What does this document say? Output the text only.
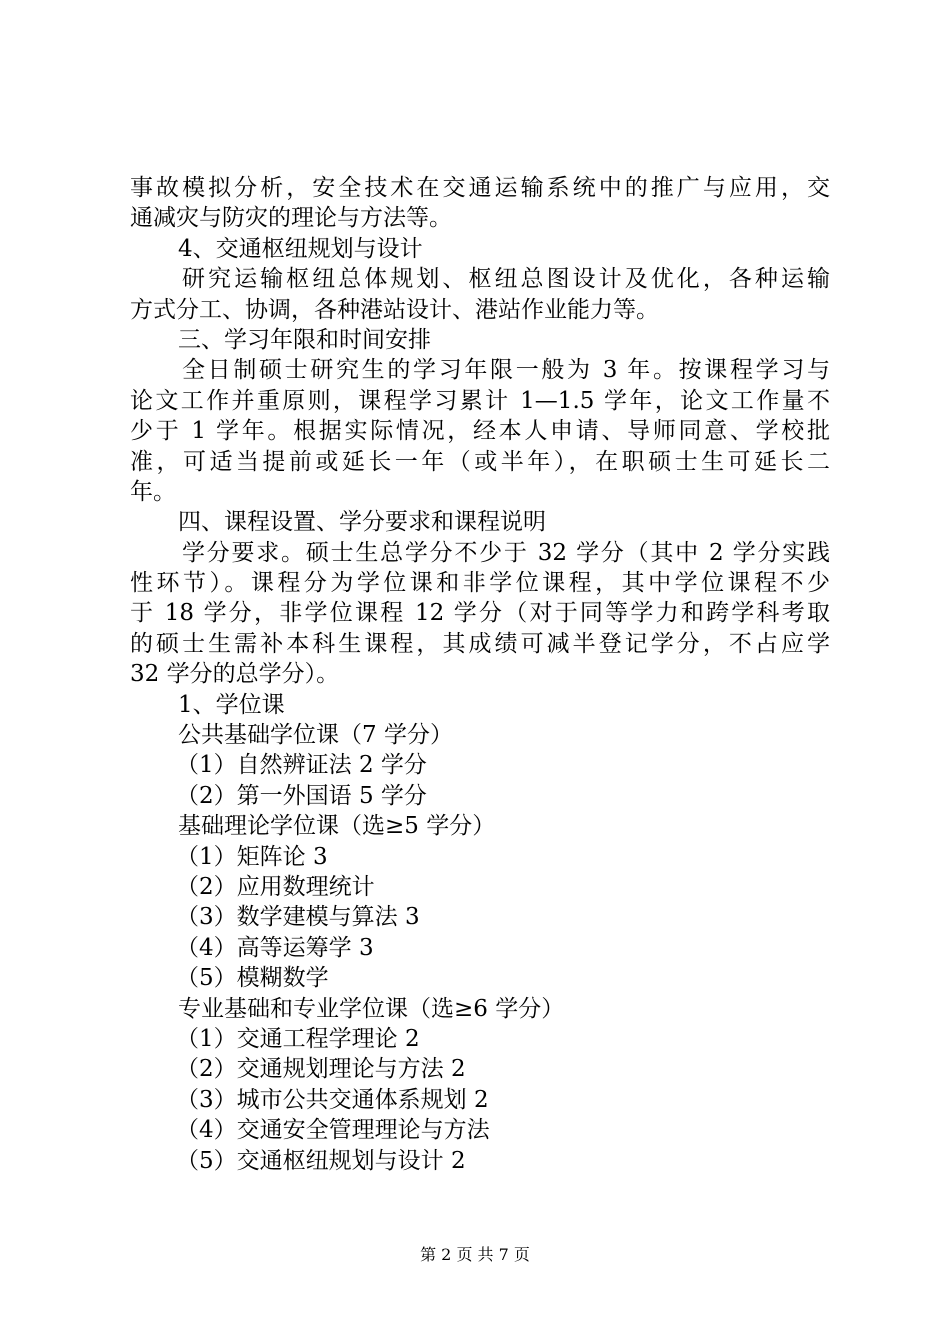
事故模拟分析，安全技术在交通运输系统中的推广与应用，交
通减灾与防灾的理论与方法等。
4、交通枢纽规划与设计
研究运输枢纽总体规划、枢纽总图设计及优化，各种运输
方式分工、协调，各种港站设计、港站作业能力等。
三、学习年限和时间安排
全日制硕士研究生的学习年限一般为 3 年。按课程学习与
论文工作并重原则，课程学习累计 1—1.5 学年，论文工作量不
少于 1 学年。根据实际情况，经本人申请、导师同意、学校批
准，可适当提前或延长一年（或半年），在职硕士生可延长二
年。
四、课程设置、学分要求和课程说明
学分要求。硕士生总学分不少于 32 学分（其中 2 学分实践
性环节）。课程分为学位课和非学位课程，其中学位课程不少
于 18 学分，非学位课程 12 学分（对于同等学力和跨学科考取
的硕士生需补本科生课程，其成绩可减半登记学分，不占应学
32 学分的总学分）。
1、学位课
公共基础学位课（7 学分）
（1）自然辨证法 2 学分
（2）第一外国语 5 学分
基础理论学位课（选≥5 学分）
（1）矩阵论 3
（2）应用数理统计
（3）数学建模与算法 3
（4）高等运筹学 3
（5）模糊数学
专业基础和专业学位课（选≥6 学分）
（1）交通工程学理论 2
（2）交通规划理论与方法 2
（3）城市公共交通体系规划 2
（4）交通安全管理理论与方法
（5）交通枢纽规划与设计 2
第 2 页 共 7 页
